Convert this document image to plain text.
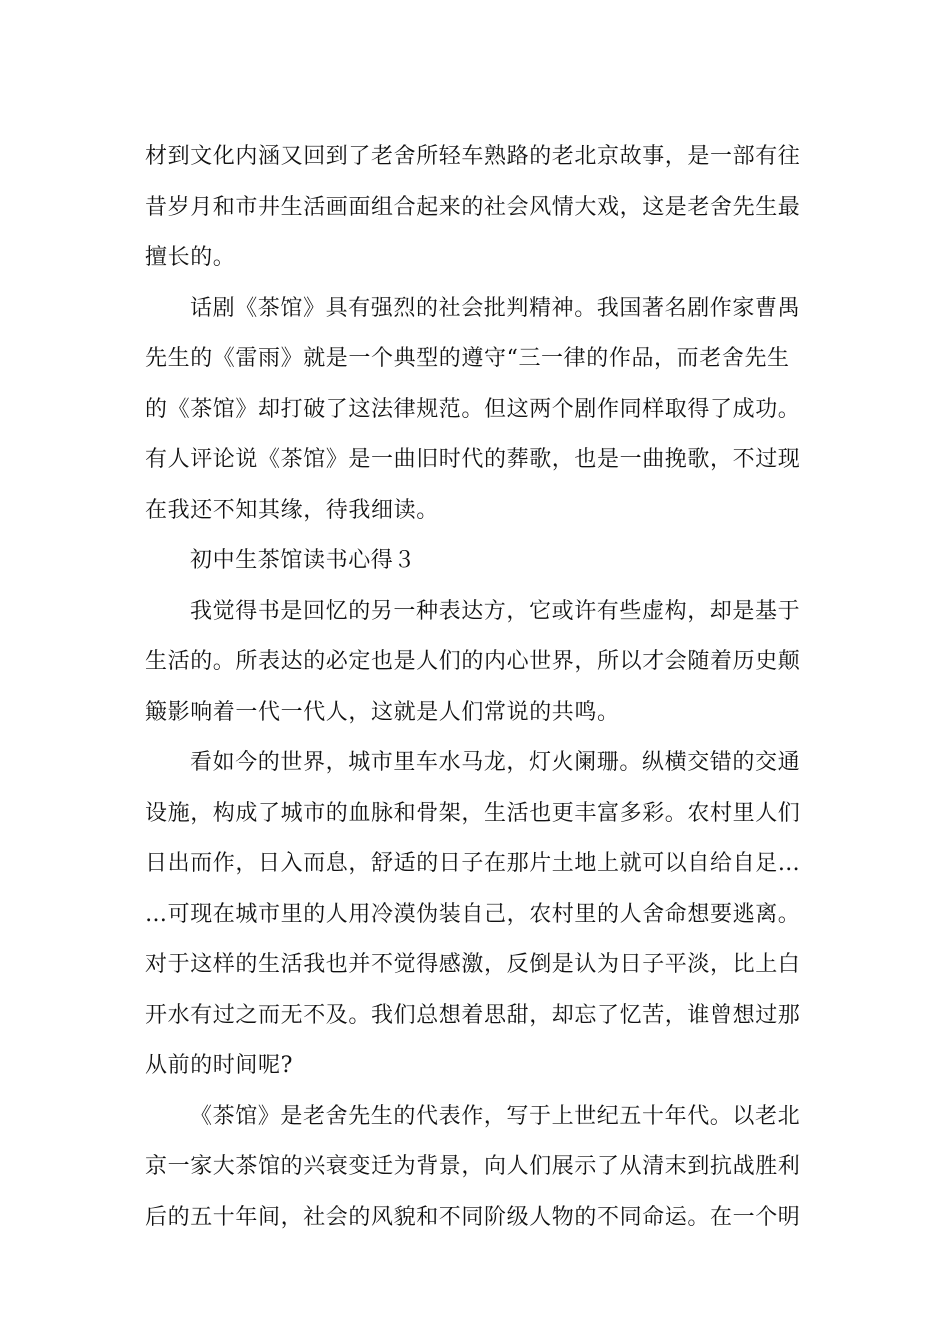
材到文化内涵又回到了老舍所轻车熟路的老北京故事，是一部有往
昔岁月和市井生活画面组合起来的社会风情大戏，这是老舍先生最
擅长的。
话剧《茶馆》具有强烈的社会批判精神。我国著名剧作家曹禺
先生的《雷雨》就是一个典型的遵守“三一律的作品，而老舍先生
的《茶馆》却打破了这法律规范。但这两个剧作同样取得了成功。
有人评论说《茶馆》是一曲旧时代的葬歌，也是一曲挽歌，不过现
在我还不知其缘，待我细读。
初中生茶馆读书心得３
我觉得书是回忆的另一种表达方，它或许有些虚构，却是基于
生活的。所表达的必定也是人们的内心世界，所以才会随着历史颠
簸影响着一代一代人，这就是人们常说的共鸣。
看如今的世界，城市里车水马龙，灯火阑珊。纵横交错的交通
设施，构成了城市的血脉和骨架，生活也更丰富多彩。农村里人们
日出而作，日入而息，舒适的日子在那片土地上就可以自给自足…
…可现在城市里的人用冷漠伪装自己，农村里的人舍命想要逃离。
对于这样的生活我也并不觉得感激，反倒是认为日子平淡，比上白
开水有过之而无不及。我们总想着思甜，却忘了忆苦，谁曾想过那
从前的时间呢?
《茶馆》是老舍先生的代表作，写于上世纪五十年代。以老北
京一家大茶馆的兴衰变迁为背景，向人们展示了从清末到抗战胜利
后的五十年间，社会的风貌和不同阶级人物的不同命运。在一个明
